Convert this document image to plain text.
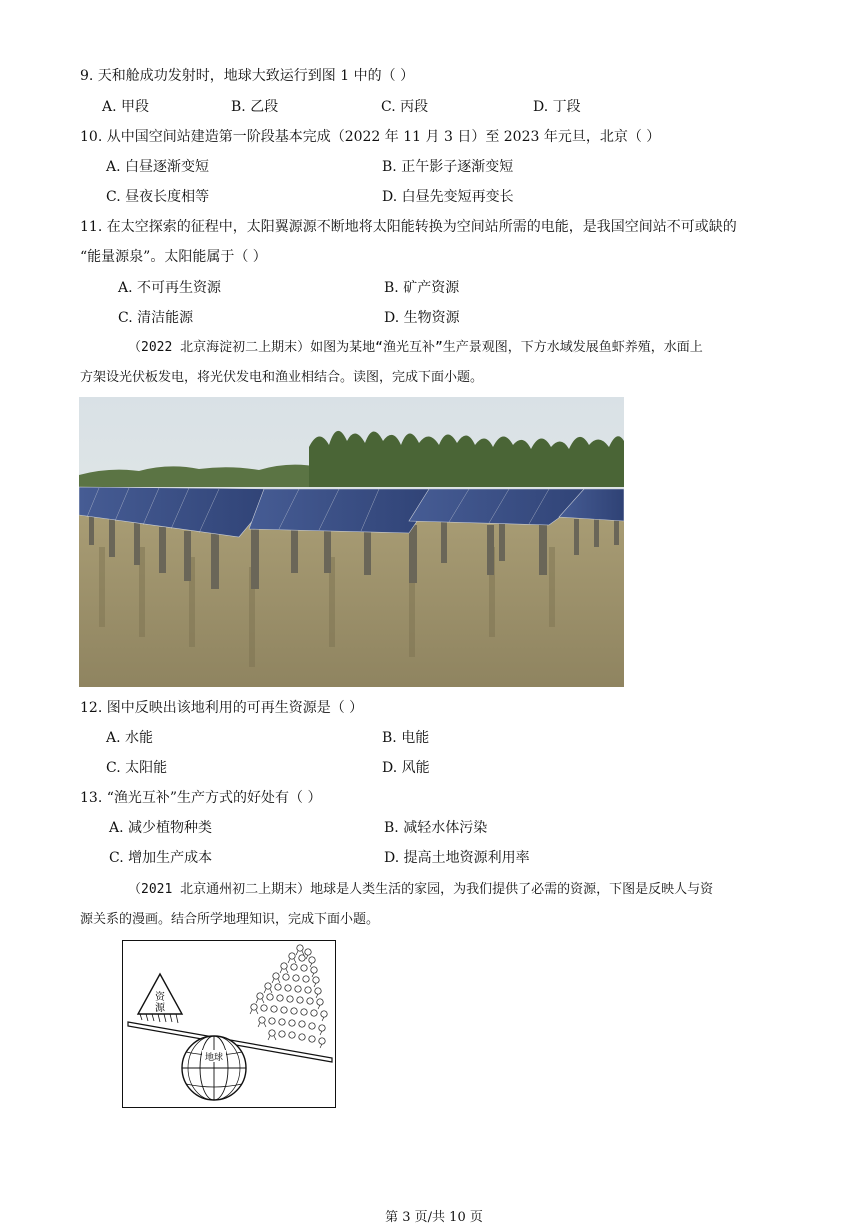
9. 天和舱成功发射时，地球大致运行到图 1 中的（ ）
A. 甲段	B. 乙段	C. 丙段	D. 丁段
10. 从中国空间站建造第一阶段基本完成（2022 年 11 月 3 日）至 2023 年元旦，北京（ ）
A. 白昼逐渐变短	B. 正午影子逐渐变短
C. 昼夜长度相等	D. 白昼先变短再变长
11. 在太空探索的征程中，太阳翼源源不断地将太阳能转换为空间站所需的电能，是我国空间站不可或缺的
“能量源泉”。太阳能属于（ ）
A. 不可再生资源	B. 矿产资源
C. 清洁能源	D. 生物资源
（2022 北京海淀初二上期末）如图为某地“渔光互补”生产景观图，下方水域发展鱼虾养殖，水面上
方架设光伏板发电，将光伏发电和渔业相结合。读图，完成下面小题。
12. 图中反映出该地利用的可再生资源是（ ）
A. 水能	B. 电能
C. 太阳能	D. 风能
13. “渔光互补”生产方式的好处有（ ）
A. 减少植物种类	B. 减轻水体污染
C. 增加生产成本	D. 提高土地资源利用率
（2021 北京通州初二上期末）地球是人类生活的家园，为我们提供了必需的资源，下图是反映人与资
源关系的漫画。结合所学地理知识，完成下面小题。
资
源
地球
第 3 页/共 10 页
